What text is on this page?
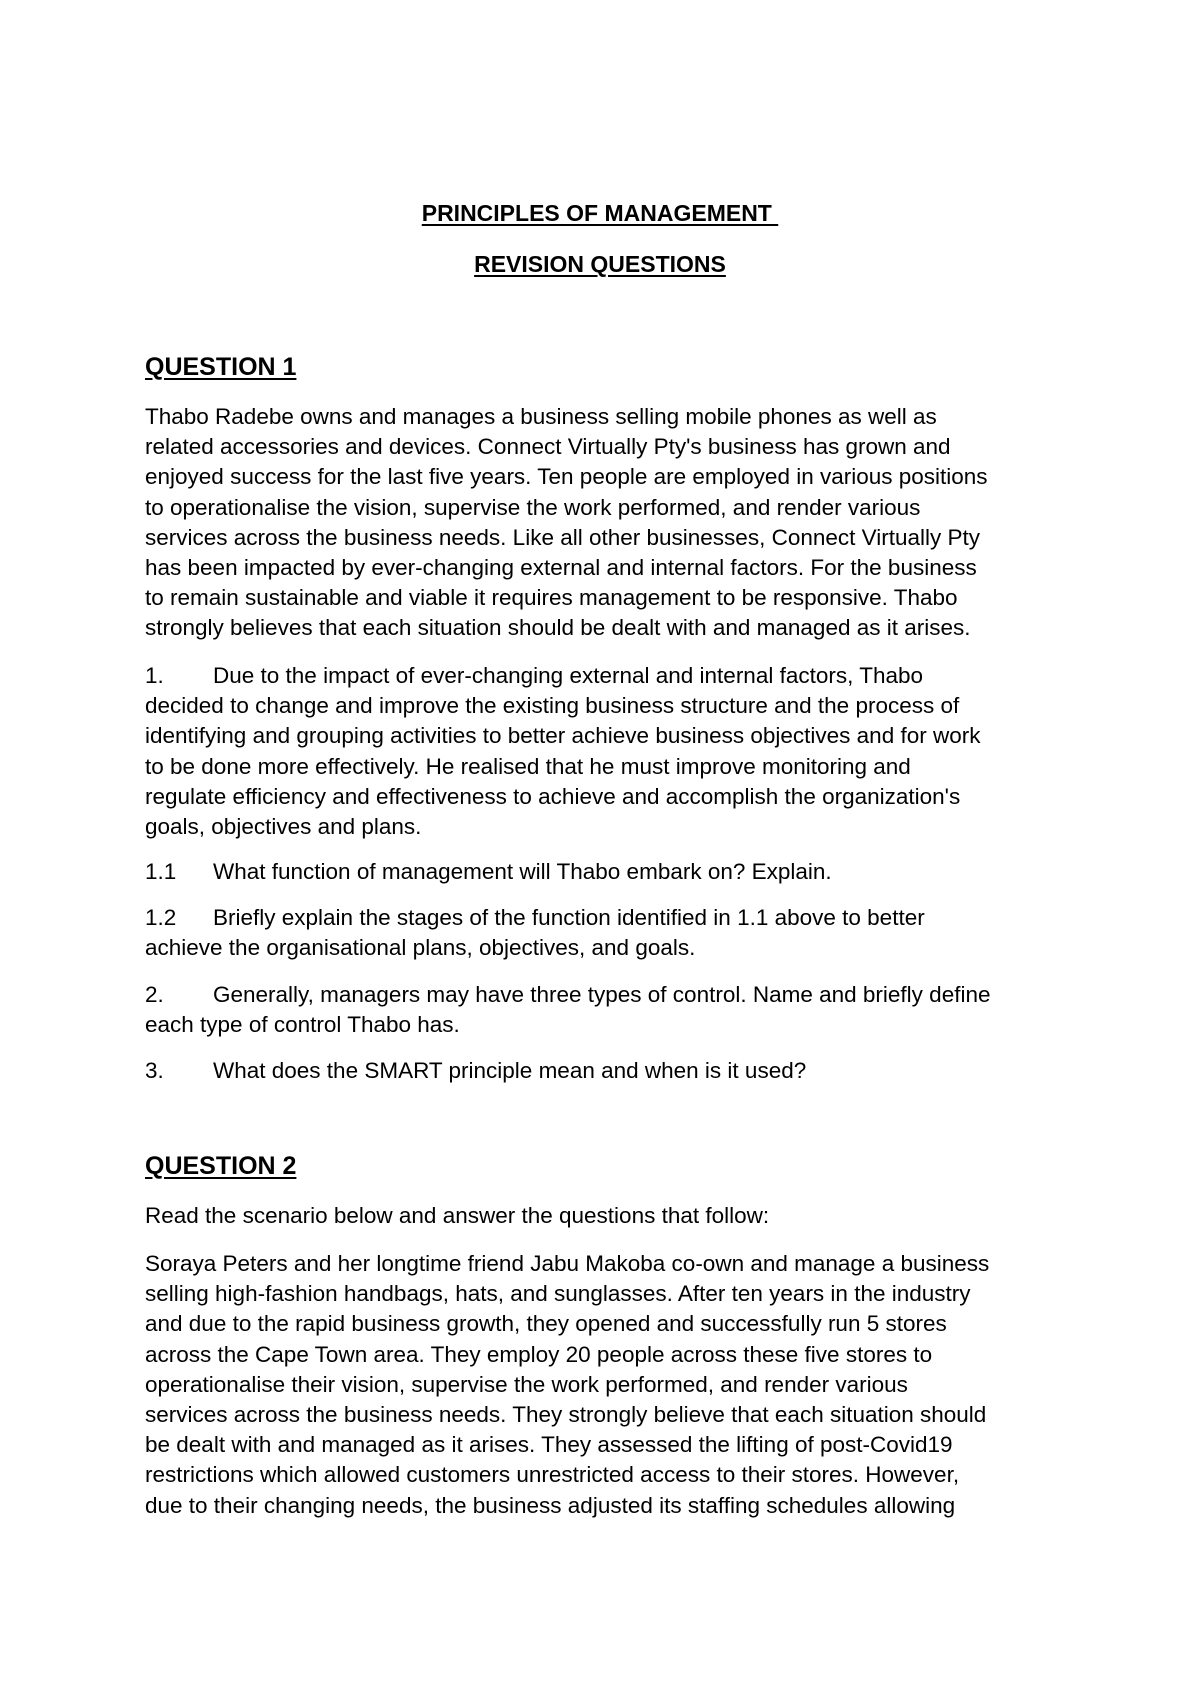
PRINCIPLES OF MANAGEMENT
REVISION QUESTIONS
QUESTION 1
Thabo Radebe owns and manages a business selling mobile phones as well as
related accessories and devices. Connect Virtually Pty's business has grown and
enjoyed success for the last five years. Ten people are employed in various positions
to operationalise the vision, supervise the work performed, and render various
services across the business needs. Like all other businesses, Connect Virtually Pty
has been impacted by ever-changing external and internal factors. For the business
to remain sustainable and viable it requires management to be responsive. Thabo
strongly believes that each situation should be dealt with and managed as it arises.
1. Due to the impact of ever-changing external and internal factors, Thabo
decided to change and improve the existing business structure and the process of
identifying and grouping activities to better achieve business objectives and for work
to be done more effectively. He realised that he must improve monitoring and
regulate efficiency and effectiveness to achieve and accomplish the organization's
goals, objectives and plans.
1.1 What function of management will Thabo embark on? Explain.
1.2 Briefly explain the stages of the function identified in 1.1 above to better
achieve the organisational plans, objectives, and goals.
2. Generally, managers may have three types of control. Name and briefly define
each type of control Thabo has.
3. What does the SMART principle mean and when is it used?
QUESTION 2
Read the scenario below and answer the questions that follow:
Soraya Peters and her longtime friend Jabu Makoba co-own and manage a business
selling high-fashion handbags, hats, and sunglasses. After ten years in the industry
and due to the rapid business growth, they opened and successfully run 5 stores
across the Cape Town area. They employ 20 people across these five stores to
operationalise their vision, supervise the work performed, and render various
services across the business needs. They strongly believe that each situation should
be dealt with and managed as it arises. They assessed the lifting of post-Covid19
restrictions which allowed customers unrestricted access to their stores. However,
due to their changing needs, the business adjusted its staffing schedules allowing
